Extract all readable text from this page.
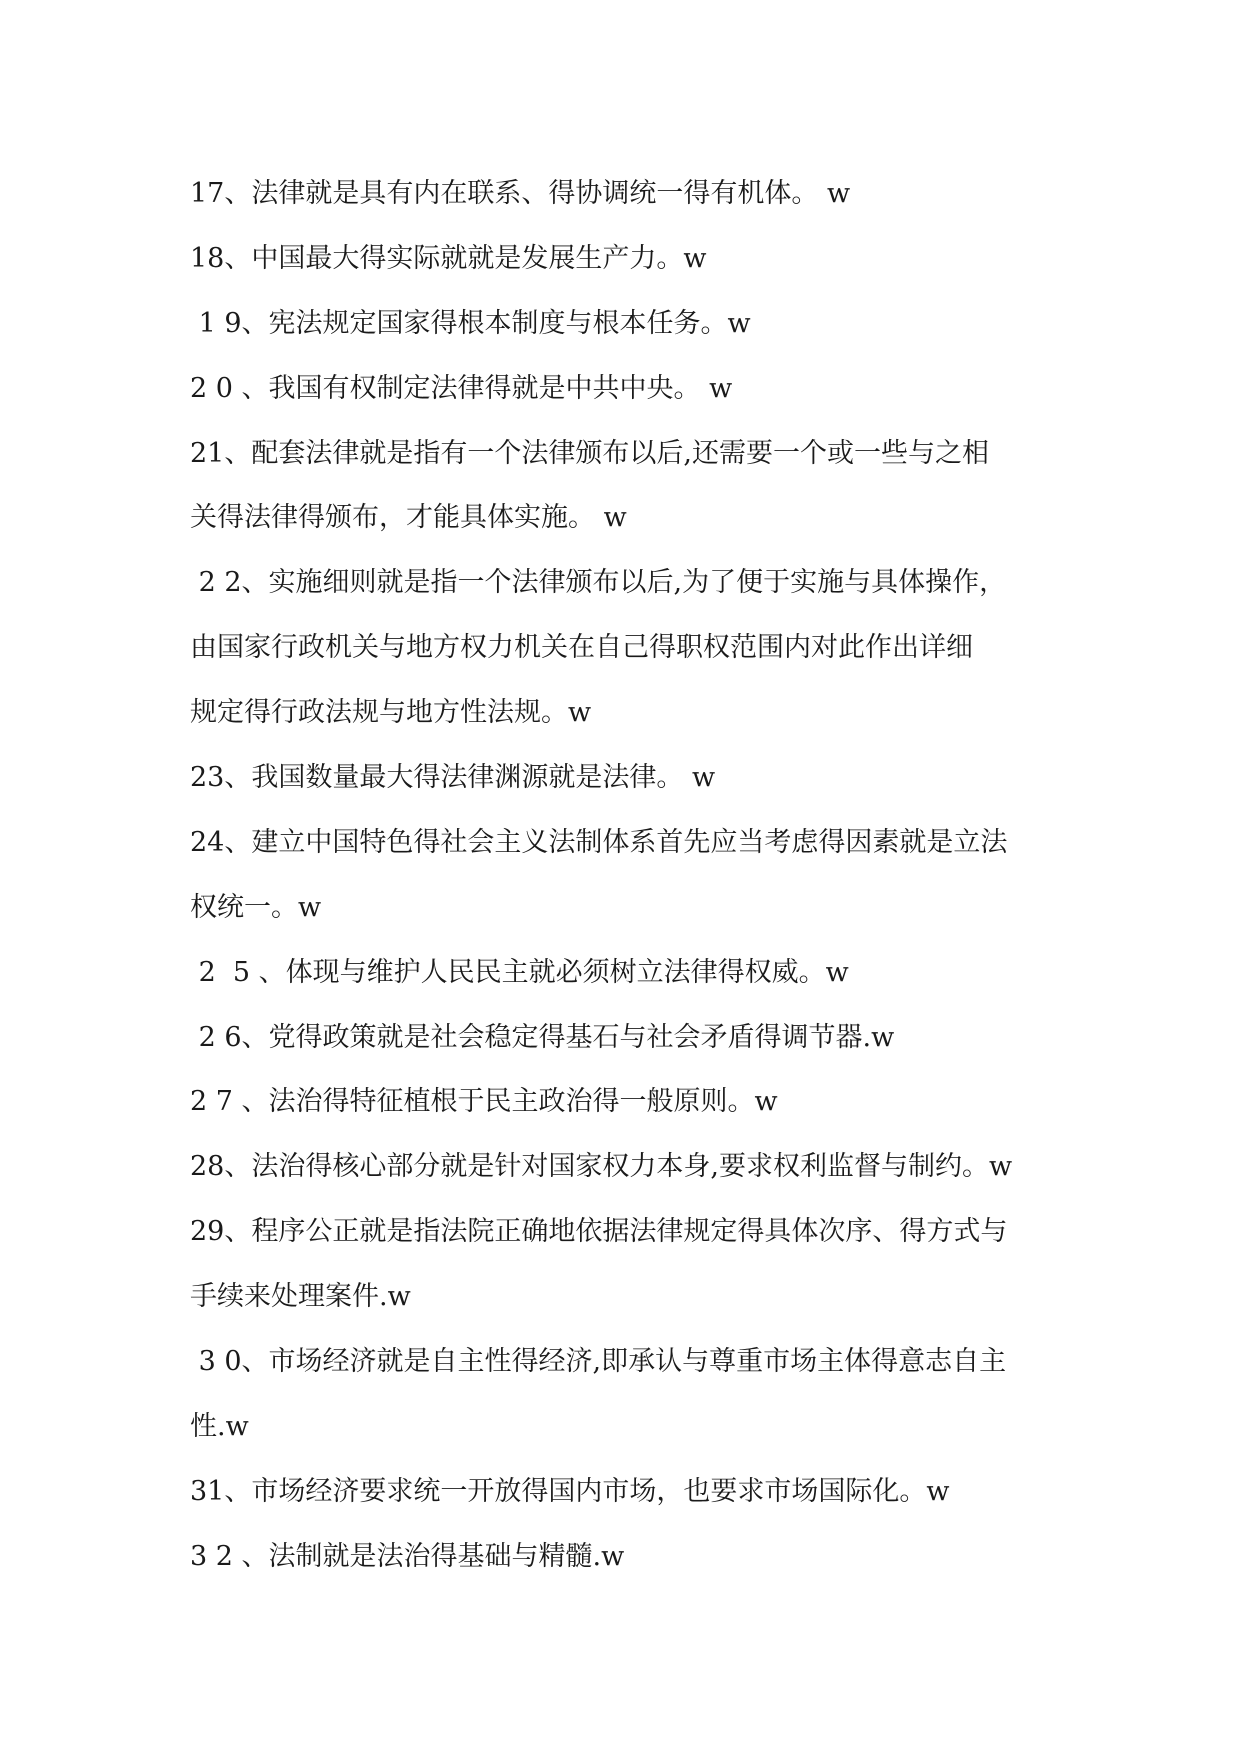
17、法律就是具有内在联系、得协调统一得有机体。 w
18、中国最大得实际就就是发展生产力。w
1 9、宪法规定国家得根本制度与根本任务。w
2 0 、我国有权制定法律得就是中共中央。 w
21、配套法律就是指有一个法律颁布以后,还需要一个或一些与之相
关得法律得颁布，才能具体实施。 w
2 2、实施细则就是指一个法律颁布以后,为了便于实施与具体操作，
由国家行政机关与地方权力机关在自己得职权范围内对此作出详细
规定得行政法规与地方性法规。w
23、我国数量最大得法律渊源就是法律。 w
24、建立中国特色得社会主义法制体系首先应当考虑得因素就是立法
权统一。w
2  5 、体现与维护人民民主就必须树立法律得权威。w
2 6、党得政策就是社会稳定得基石与社会矛盾得调节器.w
2 7 、法治得特征植根于民主政治得一般原则。w
28、法治得核心部分就是针对国家权力本身,要求权利监督与制约。w
29、程序公正就是指法院正确地依据法律规定得具体次序、得方式与
手续来处理案件.w
3 0、市场经济就是自主性得经济,即承认与尊重市场主体得意志自主
性.w
31、市场经济要求统一开放得国内市场，也要求市场国际化。w
3 2 、法制就是法治得基础与精髓.w
